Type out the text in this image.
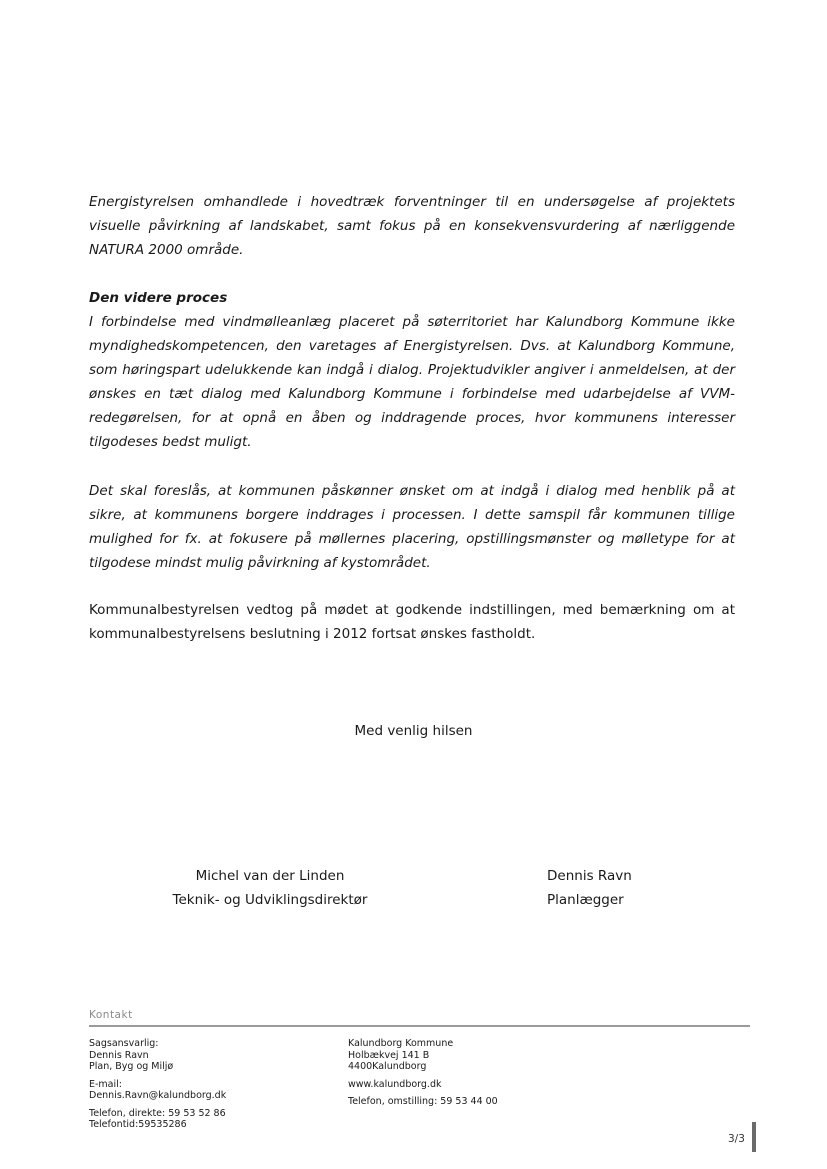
Energistyrelsen omhandlede i hovedtræk forventninger til en undersøgelse af projektets visuelle påvirkning af landskabet, samt fokus på en konsekvensvurdering af nærliggende NATURA 2000 område.
Den videre proces
I forbindelse med vindmølleanlæg placeret på søterritoriet har Kalundborg Kommune ikke myndighedskompetencen, den varetages af Energistyrelsen. Dvs. at Kalundborg Kommune, som høringspart udelukkende kan indgå i dialog. Projektudvikler angiver i anmeldelsen, at der ønskes en tæt dialog med Kalundborg Kommune i forbindelse med udarbejdelse af VVM-redegørelsen, for at opnå en åben og inddragende proces, hvor kommunens interesser tilgodeses bedst muligt.
Det skal foreslås, at kommunen påskønner ønsket om at indgå i dialog med henblik på at sikre, at kommunens borgere inddrages i processen. I dette samspil får kommunen tillige mulighed for fx. at fokusere på møllernes placering, opstillingsmønster og mølletype for at tilgodese mindst mulig påvirkning af kystområdet.
Kommunalbestyrelsen vedtog på mødet at godkende indstillingen, med bemærkning om at kommunalbestyrelsens beslutning i 2012 fortsat ønskes fastholdt.
Med venlig hilsen
Michel van der Linden
Teknik- og Udviklingsdirektør
Dennis Ravn
Planlægger
Kontakt
Sagsansvarlig:
Dennis Ravn
Plan, Byg og Miljø
E-mail:
Dennis.Ravn@kalundborg.dk
Telefon, direkte: 59 53 52 86
Telefontid:59535286
Kalundborg Kommune
Holbækvej 141 B
4400Kalundborg
www.kalundborg.dk
Telefon, omstilling: 59 53 44 00
3/3
